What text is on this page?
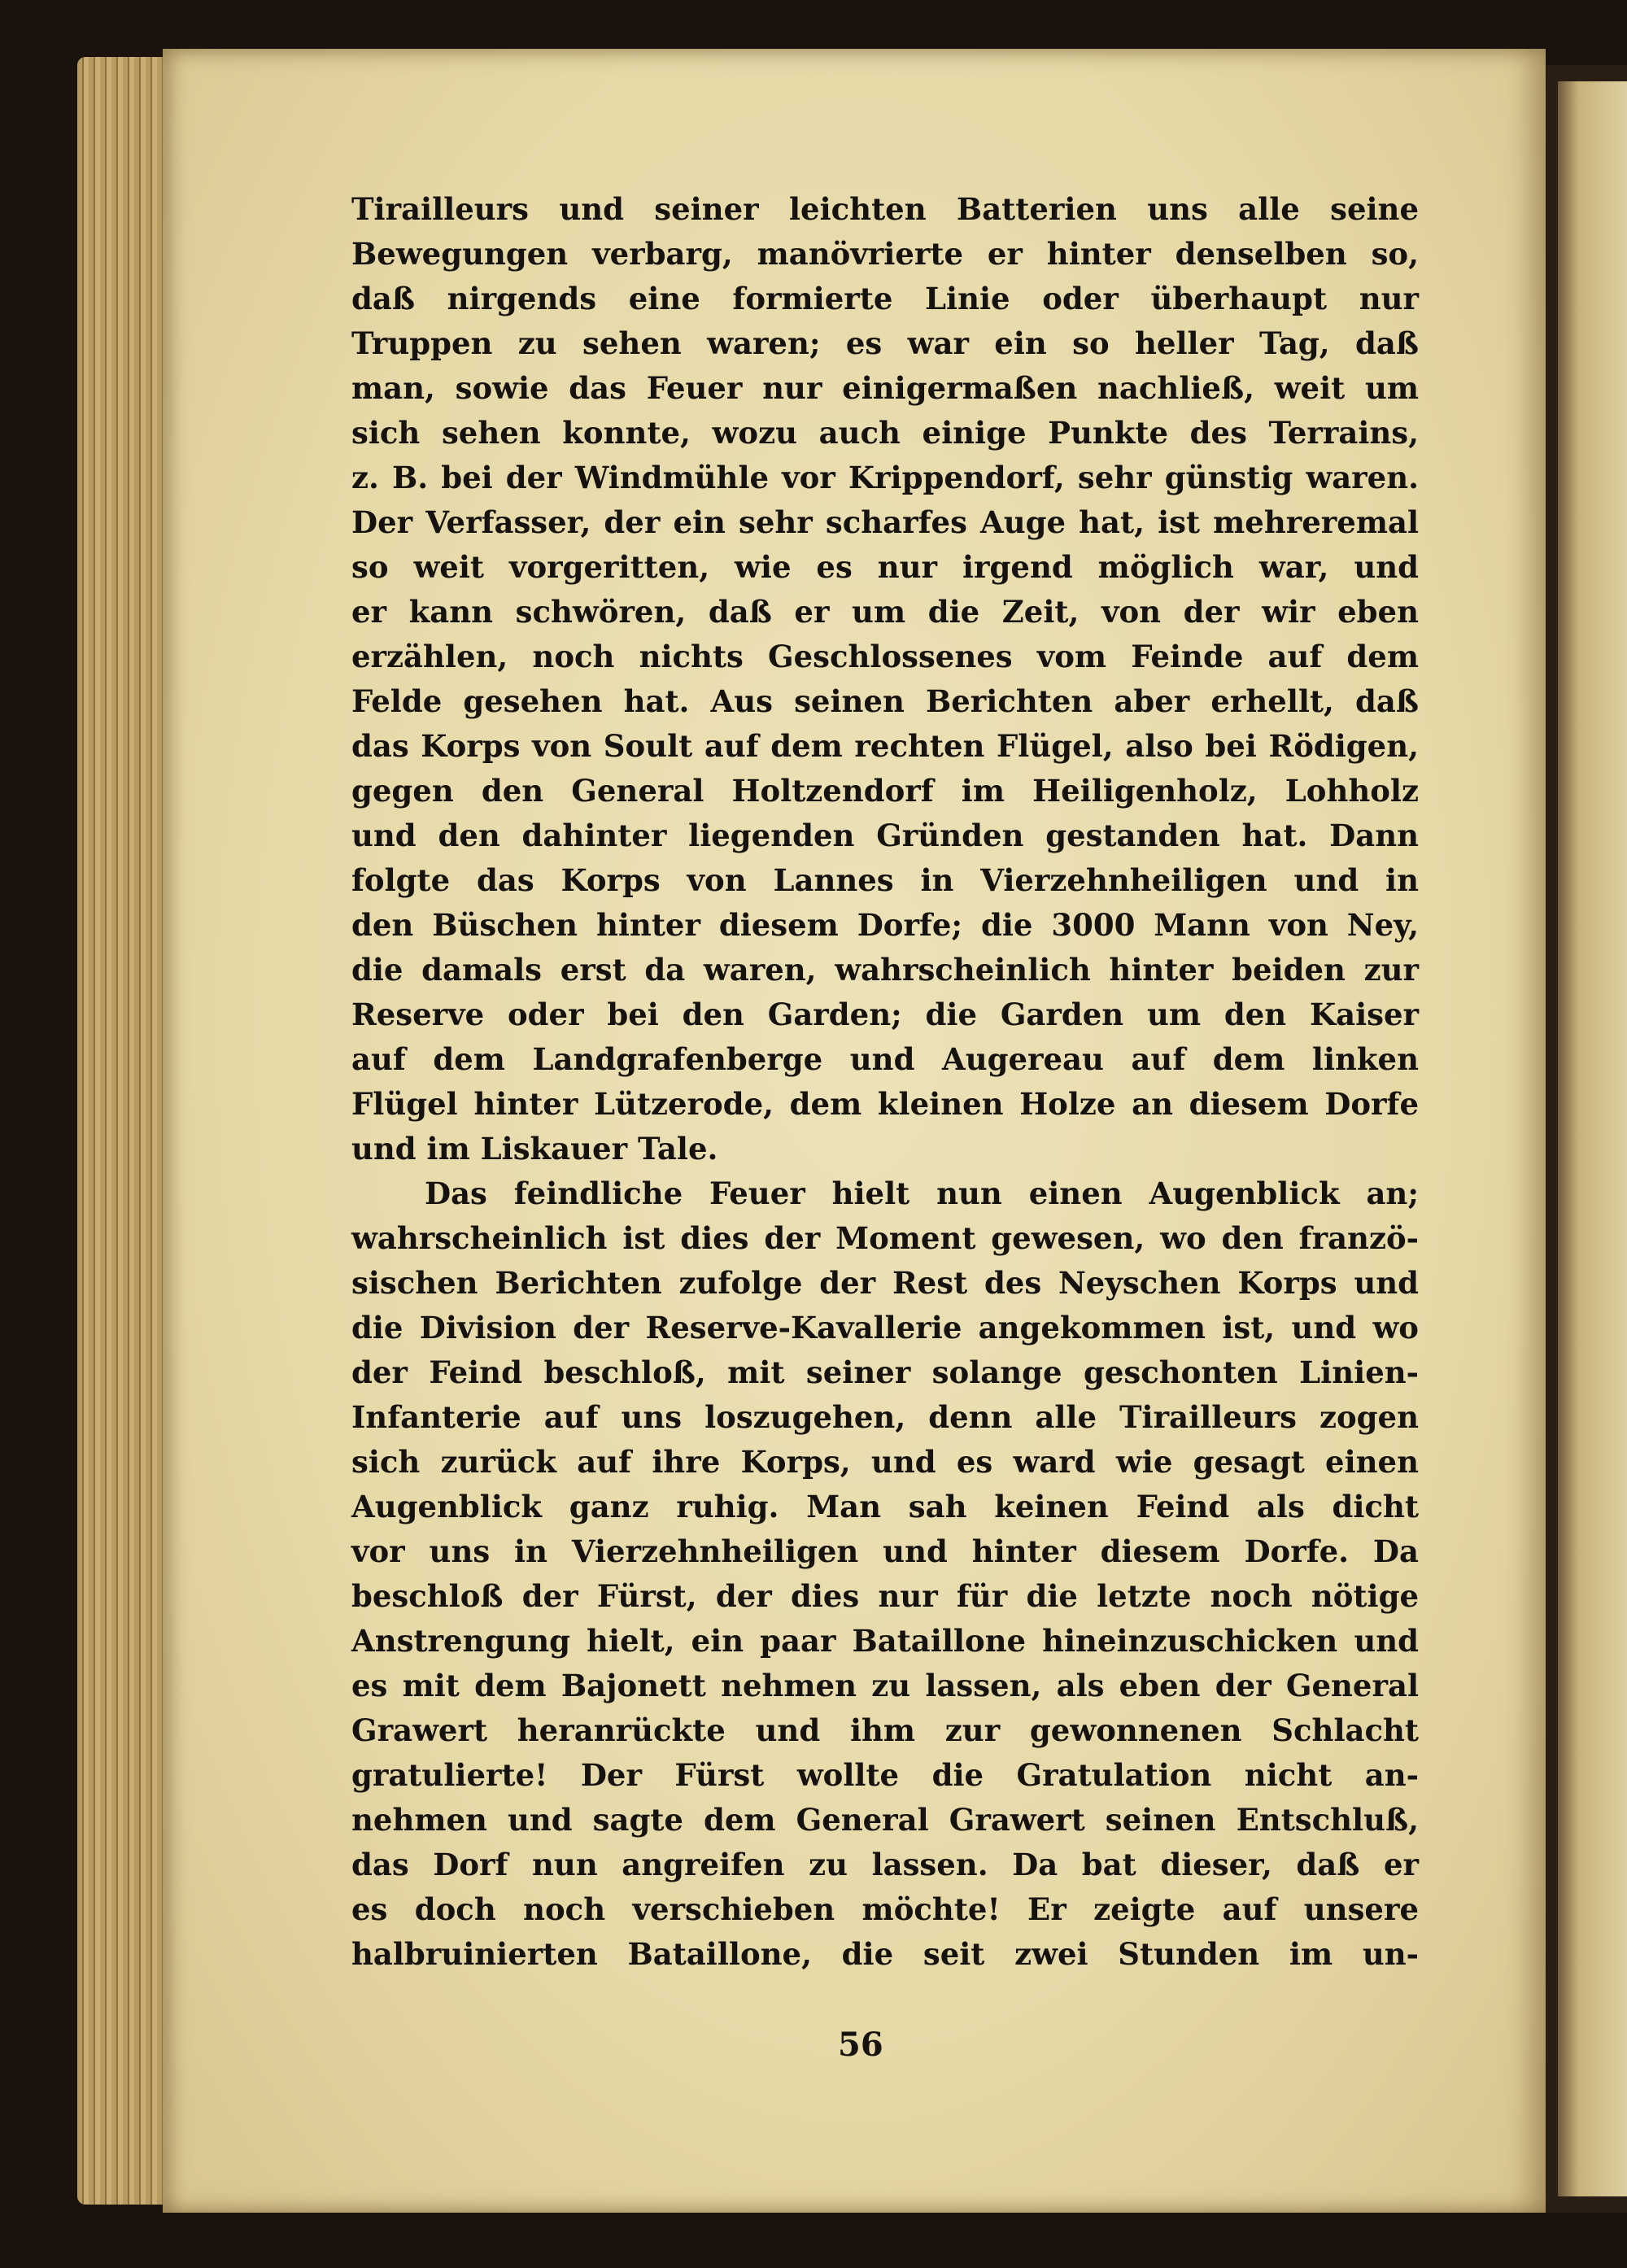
Tirailleurs und seiner leichten Batterien uns alle seine
Bewegungen verbarg, manövrierte er hinter denselben so,
daß nirgends eine formierte Linie oder überhaupt nur
Truppen zu sehen waren; es war ein so heller Tag, daß
man, sowie das Feuer nur einigermaßen nachließ, weit um
sich sehen konnte, wozu auch einige Punkte des Terrains,
z. B. bei der Windmühle vor Krippendorf, sehr günstig waren.
Der Verfasser, der ein sehr scharfes Auge hat, ist mehreremal
so weit vorgeritten, wie es nur irgend möglich war, und
er kann schwören, daß er um die Zeit, von der wir eben
erzählen, noch nichts Geschlossenes vom Feinde auf dem
Felde gesehen hat. Aus seinen Berichten aber erhellt, daß
das Korps von Soult auf dem rechten Flügel, also bei Rödigen,
gegen den General Holtzendorf im Heiligenholz, Lohholz
und den dahinter liegenden Gründen gestanden hat. Dann
folgte das Korps von Lannes in Vierzehnheiligen und in
den Büschen hinter diesem Dorfe; die 3000 Mann von Ney,
die damals erst da waren, wahrscheinlich hinter beiden zur
Reserve oder bei den Garden; die Garden um den Kaiser
auf dem Landgrafenberge und Augereau auf dem linken
Flügel hinter Lützerode, dem kleinen Holze an diesem Dorfe
und im Liskauer Tale.
Das feindliche Feuer hielt nun einen Augenblick an;
wahrscheinlich ist dies der Moment gewesen, wo den franzö-
sischen Berichten zufolge der Rest des Neyschen Korps und
die Division der Reserve-Kavallerie angekommen ist, und wo
der Feind beschloß, mit seiner solange geschonten Linien-
Infanterie auf uns loszugehen, denn alle Tirailleurs zogen
sich zurück auf ihre Korps, und es ward wie gesagt einen
Augenblick ganz ruhig. Man sah keinen Feind als dicht
vor uns in Vierzehnheiligen und hinter diesem Dorfe. Da
beschloß der Fürst, der dies nur für die letzte noch nötige
Anstrengung hielt, ein paar Bataillone hineinzuschicken und
es mit dem Bajonett nehmen zu lassen, als eben der General
Grawert heranrückte und ihm zur gewonnenen Schlacht
gratulierte! Der Fürst wollte die Gratulation nicht an-
nehmen und sagte dem General Grawert seinen Entschluß,
das Dorf nun angreifen zu lassen. Da bat dieser, daß er
es doch noch verschieben möchte! Er zeigte auf unsere
halbruinierten Bataillone, die seit zwei Stunden im un-
56
